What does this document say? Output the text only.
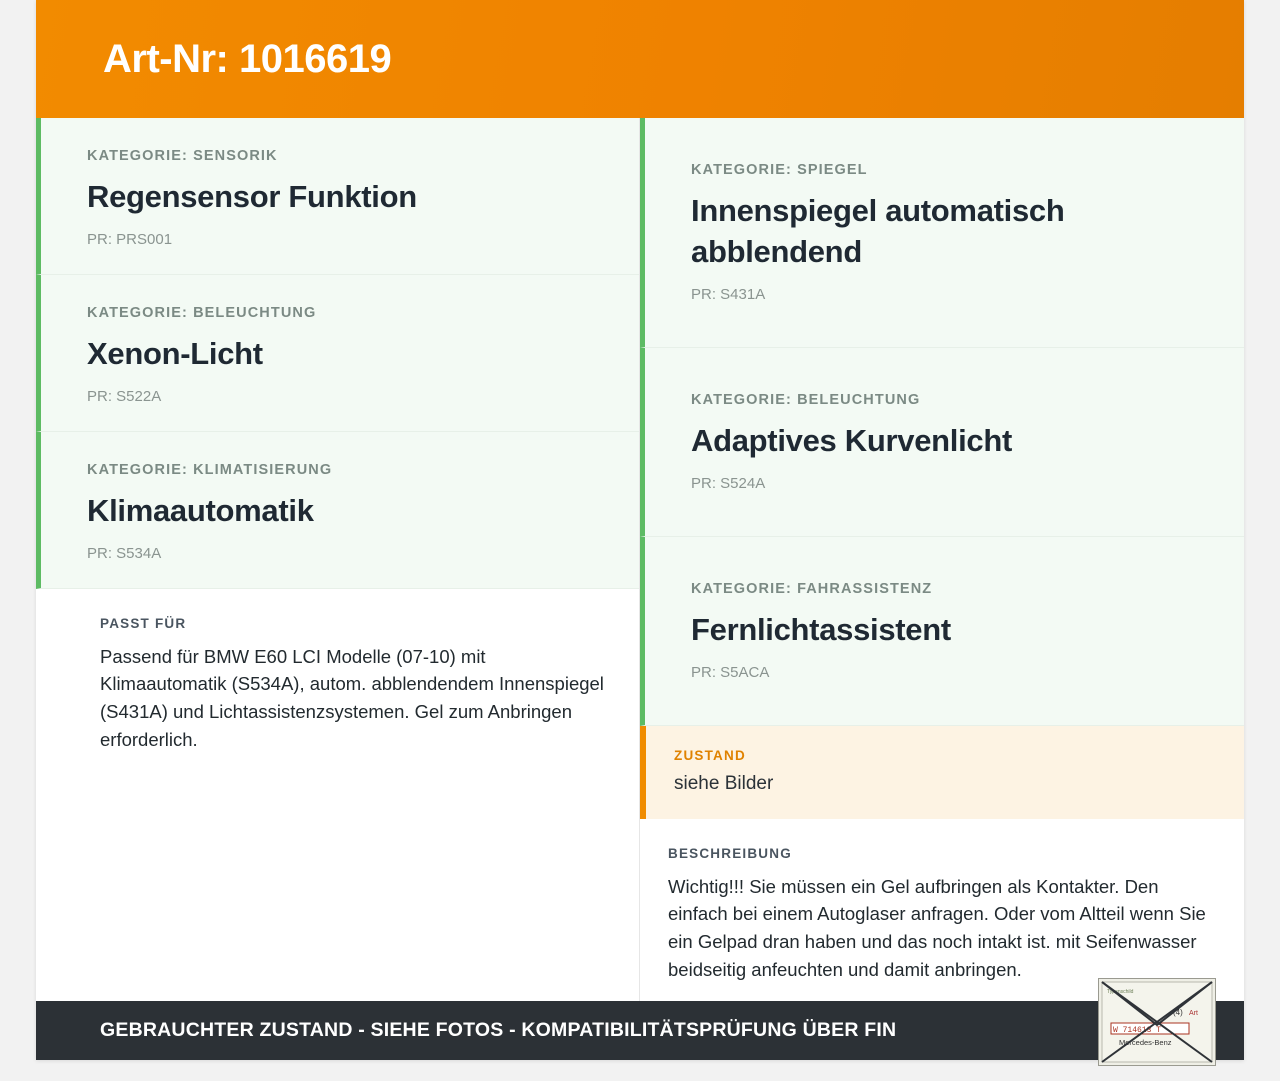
Art-Nr: 1016619
KATEGORIE: SENSORIK
Regensensor Funktion
PR: PRS001
KATEGORIE: BELEUCHTUNG
Xenon-Licht
PR: S522A
KATEGORIE: KLIMATISIERUNG
Klimaautomatik
PR: S534A
PASST FÜR
Passend für BMW E60 LCI Modelle (07-10) mit Klimaautomatik (S534A), autom. abblendendem Innenspiegel (S431A) und Lichtassistenzsystemen. Gel zum Anbringen erforderlich.
KATEGORIE: SPIEGEL
Innenspiegel automatisch abblendend
PR: S431A
KATEGORIE: BELEUCHTUNG
Adaptives Kurvenlicht
PR: S524A
KATEGORIE: FAHRASSISTENZ
Fernlichtassistent
PR: S5ACA
ZUSTAND
siehe Bilder
BESCHREIBUNG
Wichtig!!! Sie müssen ein Gel aufbringen als Kontakter. Den einfach bei einem Autoglaser anfragen. Oder vom Altteil wenn Sie ein Gelpad dran haben und das noch intakt ist. mit Seifenwasser beidseitig anfeuchten und damit anbringen.
GEBRAUCHTER ZUSTAND - SIEHE FOTOS - KOMPATIBILITÄTSPRÜFUNG ÜBER FIN
Typenschild
(4) Art
W 714613 T
Mercedes-Benz
